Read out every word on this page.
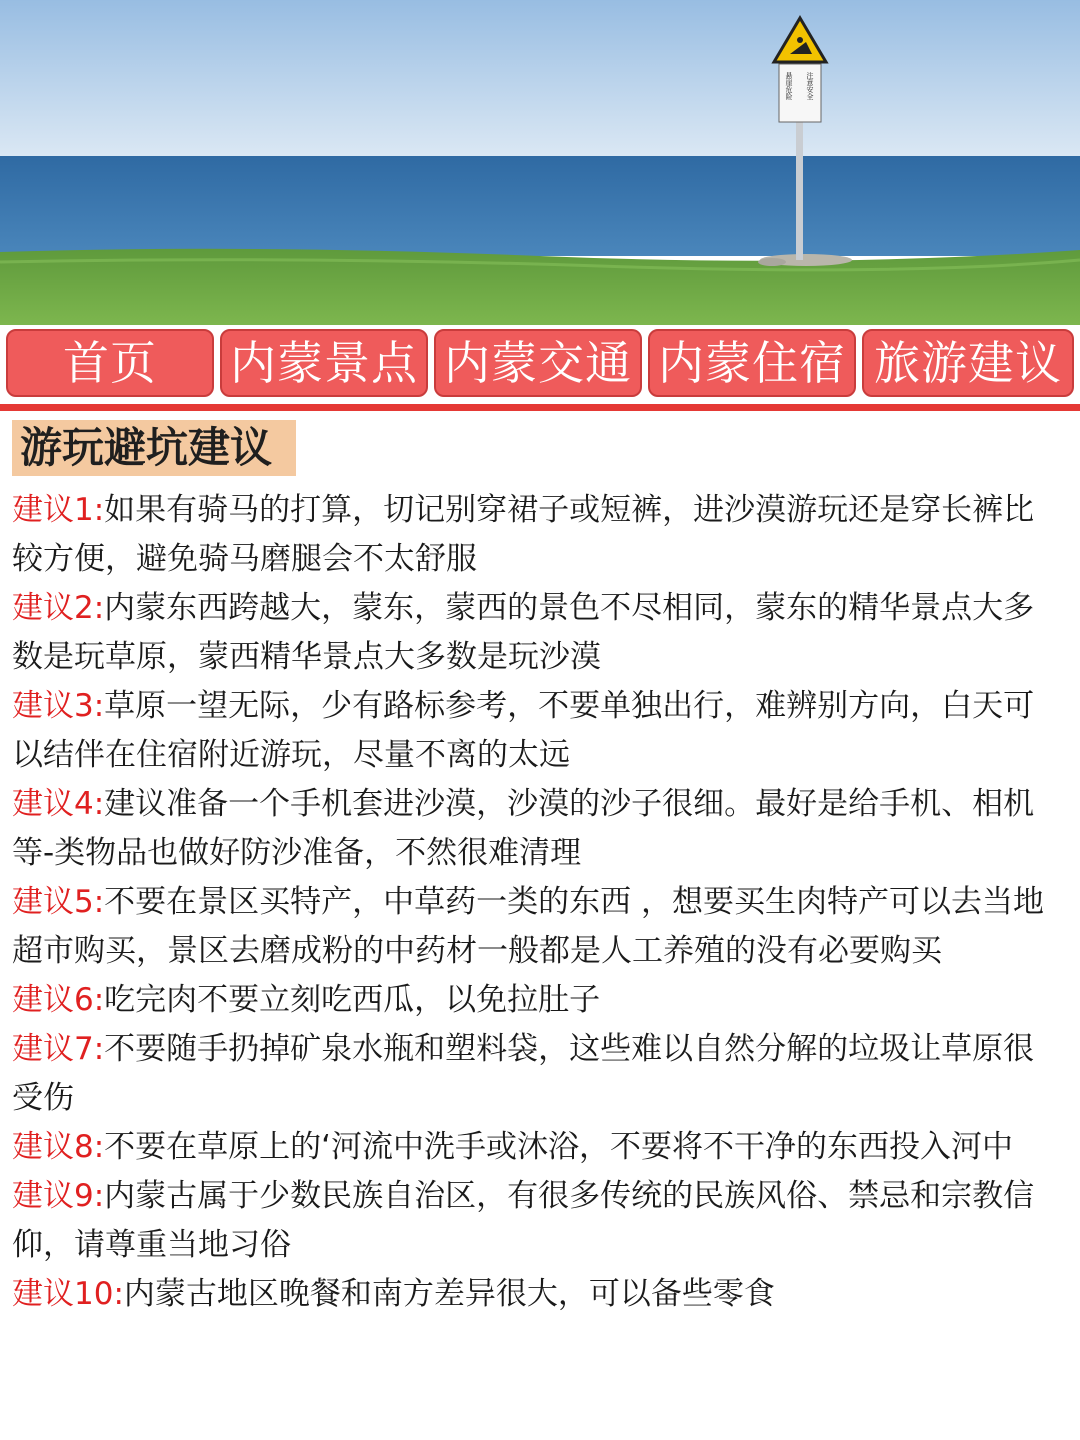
悬崖危险 注意安全
首页	内蒙景点 内蒙交通 内蒙住宿 旅游建议
游玩避坑建议

建议1:如果有骑马的打算，切记别穿裙子或短裤，进沙漠游玩还是穿长裤比较方便，避免骑马磨腿会不太舒服

建议2:内蒙东西跨越大，蒙东，蒙西的景色不尽相同，蒙东的精华景点大多数是玩草原，蒙西精华景点大多数是玩沙漠

建议3:草原一望无际，少有路标参考，不要单独出行，难辨别方向，白天可以结伴在住宿附近游玩，尽量不离的太远

建议4:建议准备一个手机套进沙漠，沙漠的沙子很细。最好是给手机、相机等-类物品也做好防沙准备，不然很难清理

建议5:不要在景区买特产，中草药一类的东西 ，想要买生肉特产可以去当地超市购买，景区去磨成粉的中药材一般都是人工养殖的没有必要购买

建议6:吃完肉不要立刻吃西瓜，以免拉肚子

建议7:不要随手扔掉矿泉水瓶和塑料袋，这些难以自然分解的垃圾让草原很受伤

建议8:不要在草原上的‘河流中洗手或沐浴，不要将不干净的东西投入河中

建议9:内蒙古属于少数民族自治区，有很多传统的民族风俗、禁忌和宗教信仰，请尊重当地习俗

建议10:内蒙古地区晚餐和南方差异很大，可以备些零食
